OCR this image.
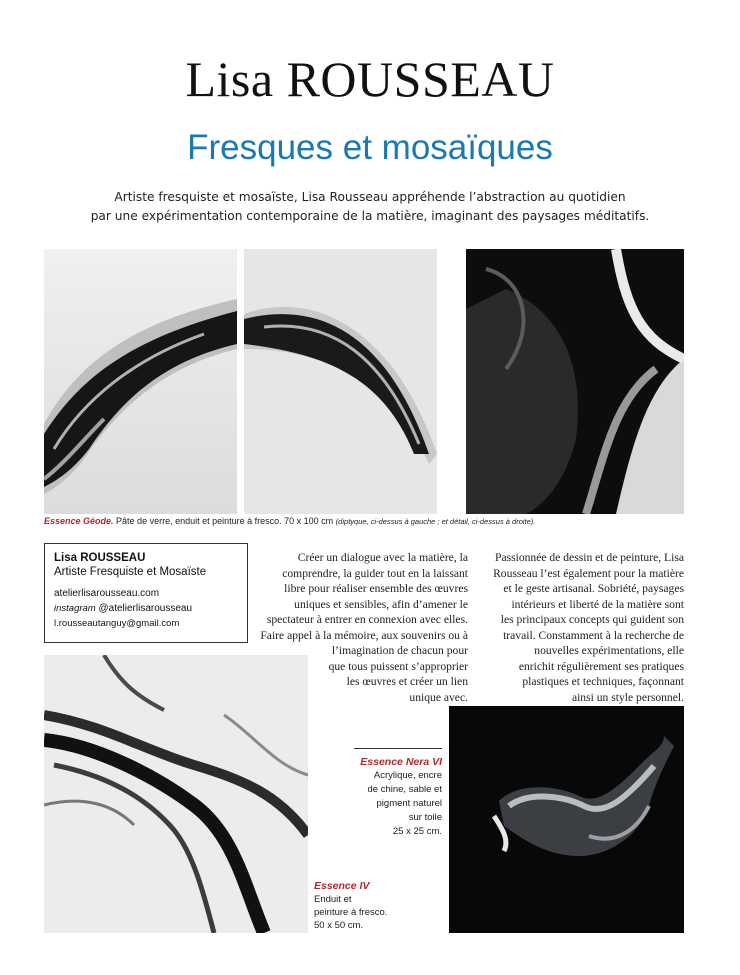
Lisa ROUSSEAU
Fresques et mosaïques
Artiste fresquiste et mosaïste, Lisa Rousseau appréhende l’abstraction au quotidien
par une expérimentation contemporaine de la matière, imaginant des paysages méditatifs.
Essence Géode. Pâte de verre, enduit et peinture à fresco. 70 x 100 cm (diptyque, ci-dessus à gauche ; et détail, ci-dessus à droite).
Lisa ROUSSEAU
Artiste Fresquiste et Mosaïste
atelierlisarousseau.com
instagram @atelierlisarousseau
l.rousseautanguy@gmail.com
Créer un dialogue avec la matière, la
comprendre, la guider tout en la laissant
libre pour réaliser ensemble des œuvres
uniques et sensibles, afin d’amener le
spectateur à entrer en connexion avec elles.
Faire appel à la mémoire, aux souvenirs ou à
l’imagination de chacun pour
que tous puissent s’approprier
les œuvres et créer un lien
unique avec.
Passionnée de dessin et de peinture, Lisa
Rousseau l’est également pour la matière
et le geste artisanal. Sobriété, paysages
intérieurs et liberté de la matière sont
les principaux concepts qui guident son
travail. Constamment à la recherche de
nouvelles expérimentations, elle
enrichit régulièrement ses pratiques
plastiques et techniques, façonnant
ainsi un style personnel.
Essence Nera VI
Acrylique, encre
de chine, sable et
pigment naturel
sur toile
25 x 25 cm.
Essence IV
Enduit et
peinture à fresco.
50 x 50 cm.
